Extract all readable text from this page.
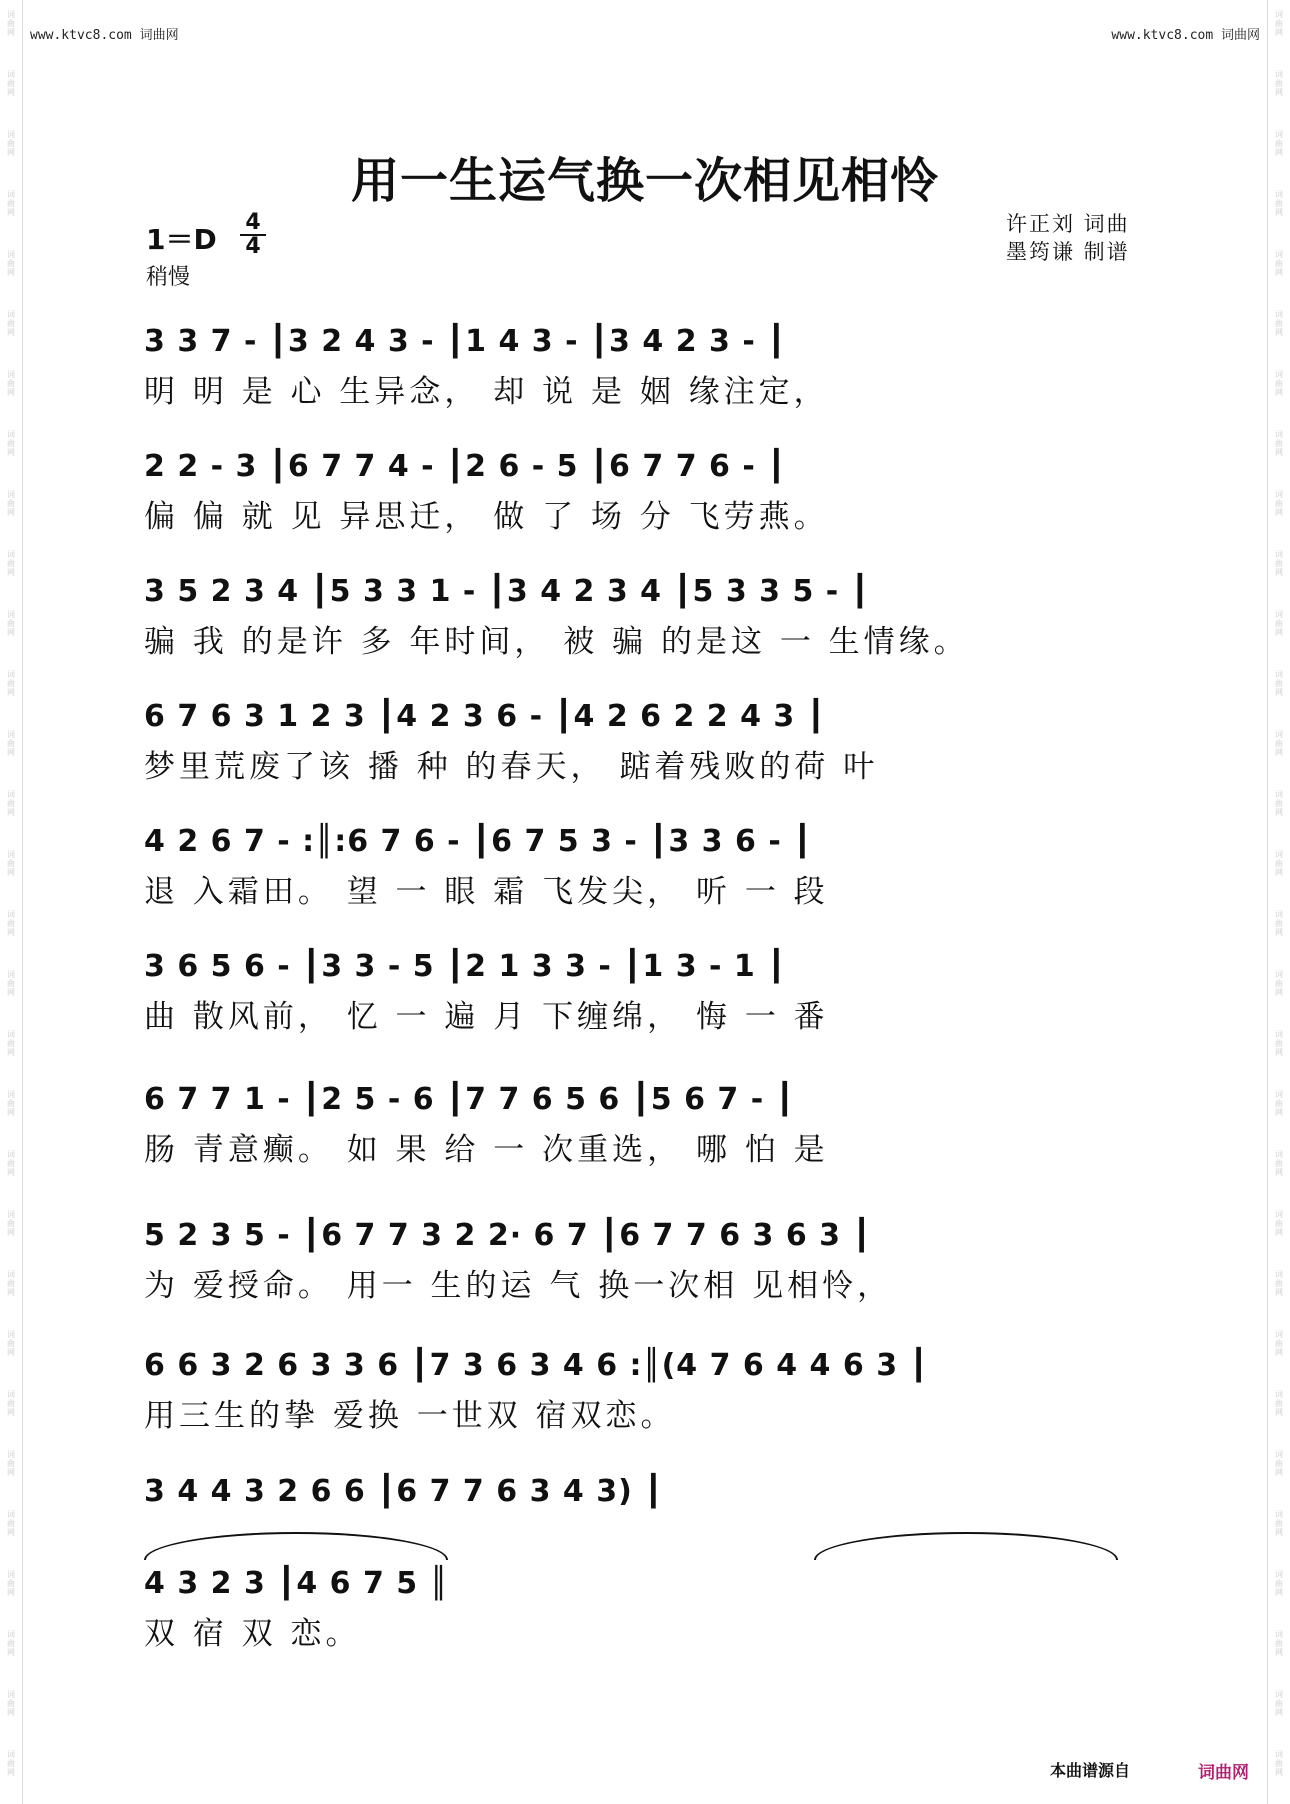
词
曲
网
词
曲
网
词
曲
网
词
曲
网
词
曲
网
词
曲
网
词
曲
网
词
曲
网
词
曲
网
词
曲
网
词
曲
网
词
曲
网
词
曲
网
词
曲
网
词
曲
网
词
曲
网
词
曲
网
词
曲
网
词
曲
网
词
曲
网
词
曲
网
词
曲
网
词
曲
网
词
曲
网
词
曲
网
词
曲
网
词
曲
网
词
曲
网
词
曲
网
词
曲
网
词
曲
网
词
曲
网
词
曲
网
词
曲
网
词
曲
网
词
曲
网
词
曲
网
词
曲
网
词
曲
网
词
曲
网
词
曲
网
词
曲
网
词
曲
网
词
曲
网
词
曲
网
词
曲
网
词
曲
网
词
曲
网
词
曲
网
词
曲
网
词
曲
网
词
曲
网
词
曲
网
词
曲
网
词
曲
网
词
曲
网
词
曲
网
词
曲
网
词
曲
网
词
曲
网
www.ktvc8.com 词曲网	www.ktvc8.com 词曲网
用一生运气换一次相见相怜
1＝D
4
4
稍慢
许正刘 词曲
墨筠谦 制谱
3 3 7 - ┃3 2 4 3 - ┃1 4 3 - ┃3 4 2 3 - ┃
明 明 是 心 生异念， 却 说 是 姻 缘注定，
2 2 - 3 ┃6 7 7 4 - ┃2 6 - 5 ┃6 7 7 6 - ┃
偏 偏 就 见 异思迁， 做 了 场 分 飞劳燕。
3 5 2 3 4 ┃5 3 3 1 - ┃3 4 2 3 4 ┃5 3 3 5 - ┃
骗 我 的是许 多 年时间， 被 骗 的是这 一 生情缘。
6 7 6 3 1 2 3 ┃4 2 3 6 - ┃4 2 6 2 2 4 3 ┃
梦里荒废了该 播 种 的春天， 踮着残败的荷 叶
4 2 6 7 - :║:6 7 6 - ┃6 7 5 3 - ┃3 3 6 - ┃
退 入霜田。 望 一 眼 霜 飞发尖， 听 一 段
3 6 5 6 - ┃3 3 - 5 ┃2 1 3 3 - ┃1 3 - 1 ┃
曲 散风前， 忆 一 遍 月 下缠绵， 悔 一 番
6 7 7 1 - ┃2 5 - 6 ┃7 7 6 5 6 ┃5 6 7 - ┃
肠 青意癫。 如 果 给 一 次重选， 哪 怕 是
5 2 3 5 - ┃6 7 7 3 2 2· 6 7 ┃6 7 7 6 3 6 3 ┃
为 爱授命。 用一 生的运 气 换一次相 见相怜，
6 6 3 2 6 3 3 6 ┃7 3 6 3 4 6 :║(4 7 6 4 4 6 3 ┃
用三生的挚 爱换 一世双 宿双恋。
3 4 4 3 2 6 6 ┃6 7 7 6 3 4 3) ┃
4 3 2 3 ┃4 6 7 5 ║
双 宿 双 恋。
本曲谱源自	词曲网
